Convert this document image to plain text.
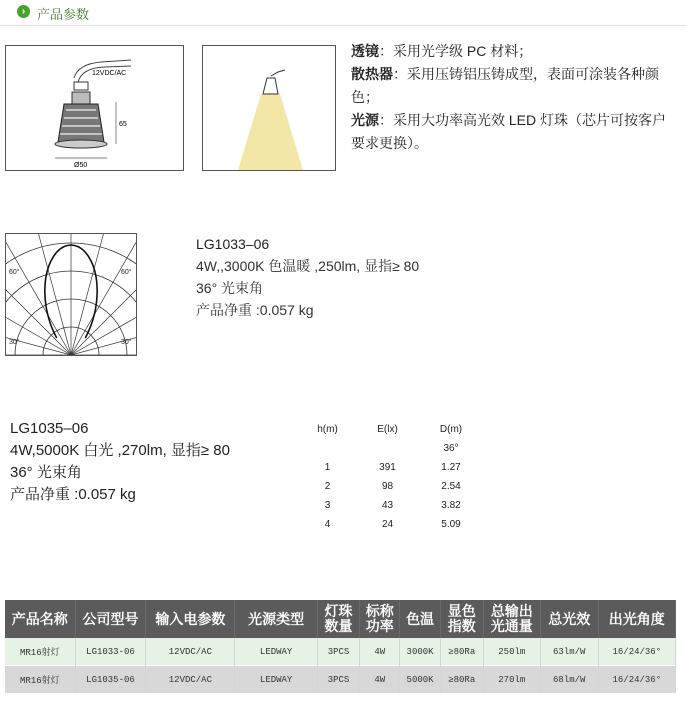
› 产品参数
12VDC/AC
65
Ø50
透镜：采用光学级 PC 材料；
散热器：采用压铸铝压铸成型，表面可涂装各种颜色；
光源：采用大功率高光效 LED 灯珠（芯片可按客户要求更换）。
60°	60°
30°	30°
LG1033–06
4W,,3000K 色温暖 ,250lm, 显指≥ 80
36° 光束角
产品净重 :0.057 kg
LG1035–06
4W,5000K 白光 ,270lm, 显指≥ 80
36° 光束角
产品净重 :0.057 kg
h(m)	E(lx)	D(m)
		36°
1	391	1.27
2	98	2.54
3	43	3.82
4	24	5.09
产品名称	公司型号	输入电参数	光源类型	灯珠数量	标称功率	色温	显色指数	总输出光通量	总光效	出光角度
MR16射灯	LG1033-06	12VDC/AC	LEDWAY	3PCS	4W	3000K	≥80Ra	250lm	63lm/W	16/24/36°
MR16射灯	LG1035-06	12VDC/AC	LEDWAY	3PCS	4W	5000K	≥80Ra	270lm	68lm/W	16/24/36°
